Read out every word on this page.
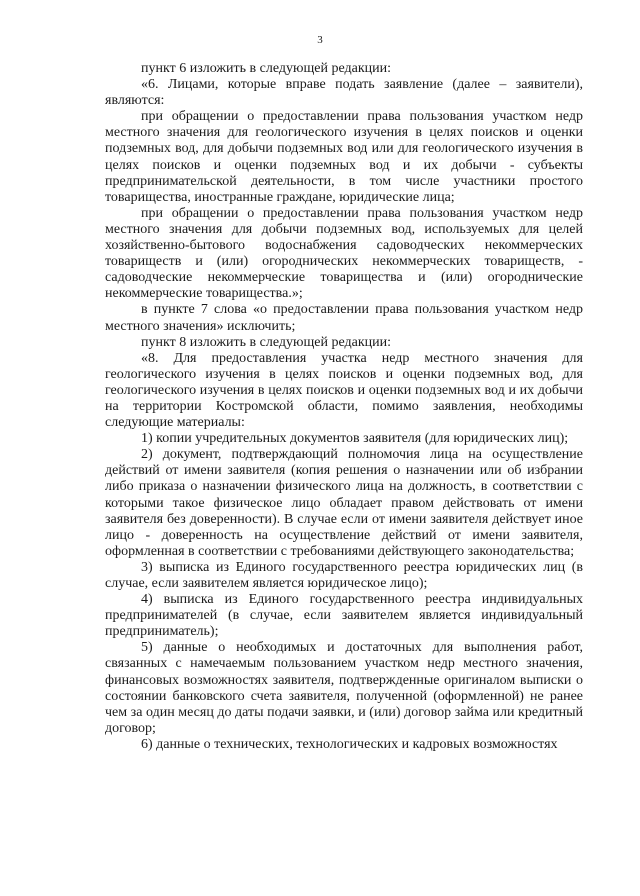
3

пункт 6 изложить в следующей редакции:

«6. Лицами, которые вправе подать заявление (далее – заявители), являются:

при обращении о предоставлении права пользования участком недр местного значения для геологического изучения в целях поисков и оценки подземных вод, для добычи подземных вод или для геологического изучения в целях поисков и оценки подземных вод и их добычи - субъекты предпринимательской деятельности, в том числе участники простого товарищества, иностранные граждане, юридические лица;

при обращении о предоставлении права пользования участком недр местного значения для добычи подземных вод, используемых для целей хозяйственно-бытового водоснабжения садоводческих некоммерческих товариществ и (или) огороднических некоммерческих товариществ, - садоводческие некоммерческие товарищества и (или) огороднические некоммерческие товарищества.»;

в пункте 7 слова «о предоставлении права пользования участком недр местного значения» исключить;

пункт 8 изложить в следующей редакции:

«8. Для предоставления участка недр местного значения для геологического изучения в целях поисков и оценки подземных вод, для геологического изучения в целях поисков и оценки подземных вод и их добычи на территории Костромской области, помимо заявления, необходимы следующие материалы:

1) копии учредительных документов заявителя (для юридических лиц);

2) документ, подтверждающий полномочия лица на осуществление действий от имени заявителя (копия решения о назначении или об избрании либо приказа о назначении физического лица на должность, в соответствии с которыми такое физическое лицо обладает правом действовать от имени заявителя без доверенности). В случае если от имени заявителя действует иное лицо - доверенность на осуществление действий от имени заявителя, оформленная в соответствии с требованиями действующего законодательства;

3) выписка из Единого государственного реестра юридических лиц (в случае, если заявителем является юридическое лицо);

4) выписка из Единого государственного реестра индивидуальных предпринимателей (в случае, если заявителем является индивидуальный предприниматель);

5) данные о необходимых и достаточных для выполнения работ, связанных с намечаемым пользованием участком недр местного значения, финансовых возможностях заявителя, подтвержденные оригиналом выписки о состоянии банковского счета заявителя, полученной (оформленной) не ранее чем за один месяц до даты подачи заявки, и (или) договор займа или кредитный договор;

6) данные о технических, технологических и кадровых возможностях
